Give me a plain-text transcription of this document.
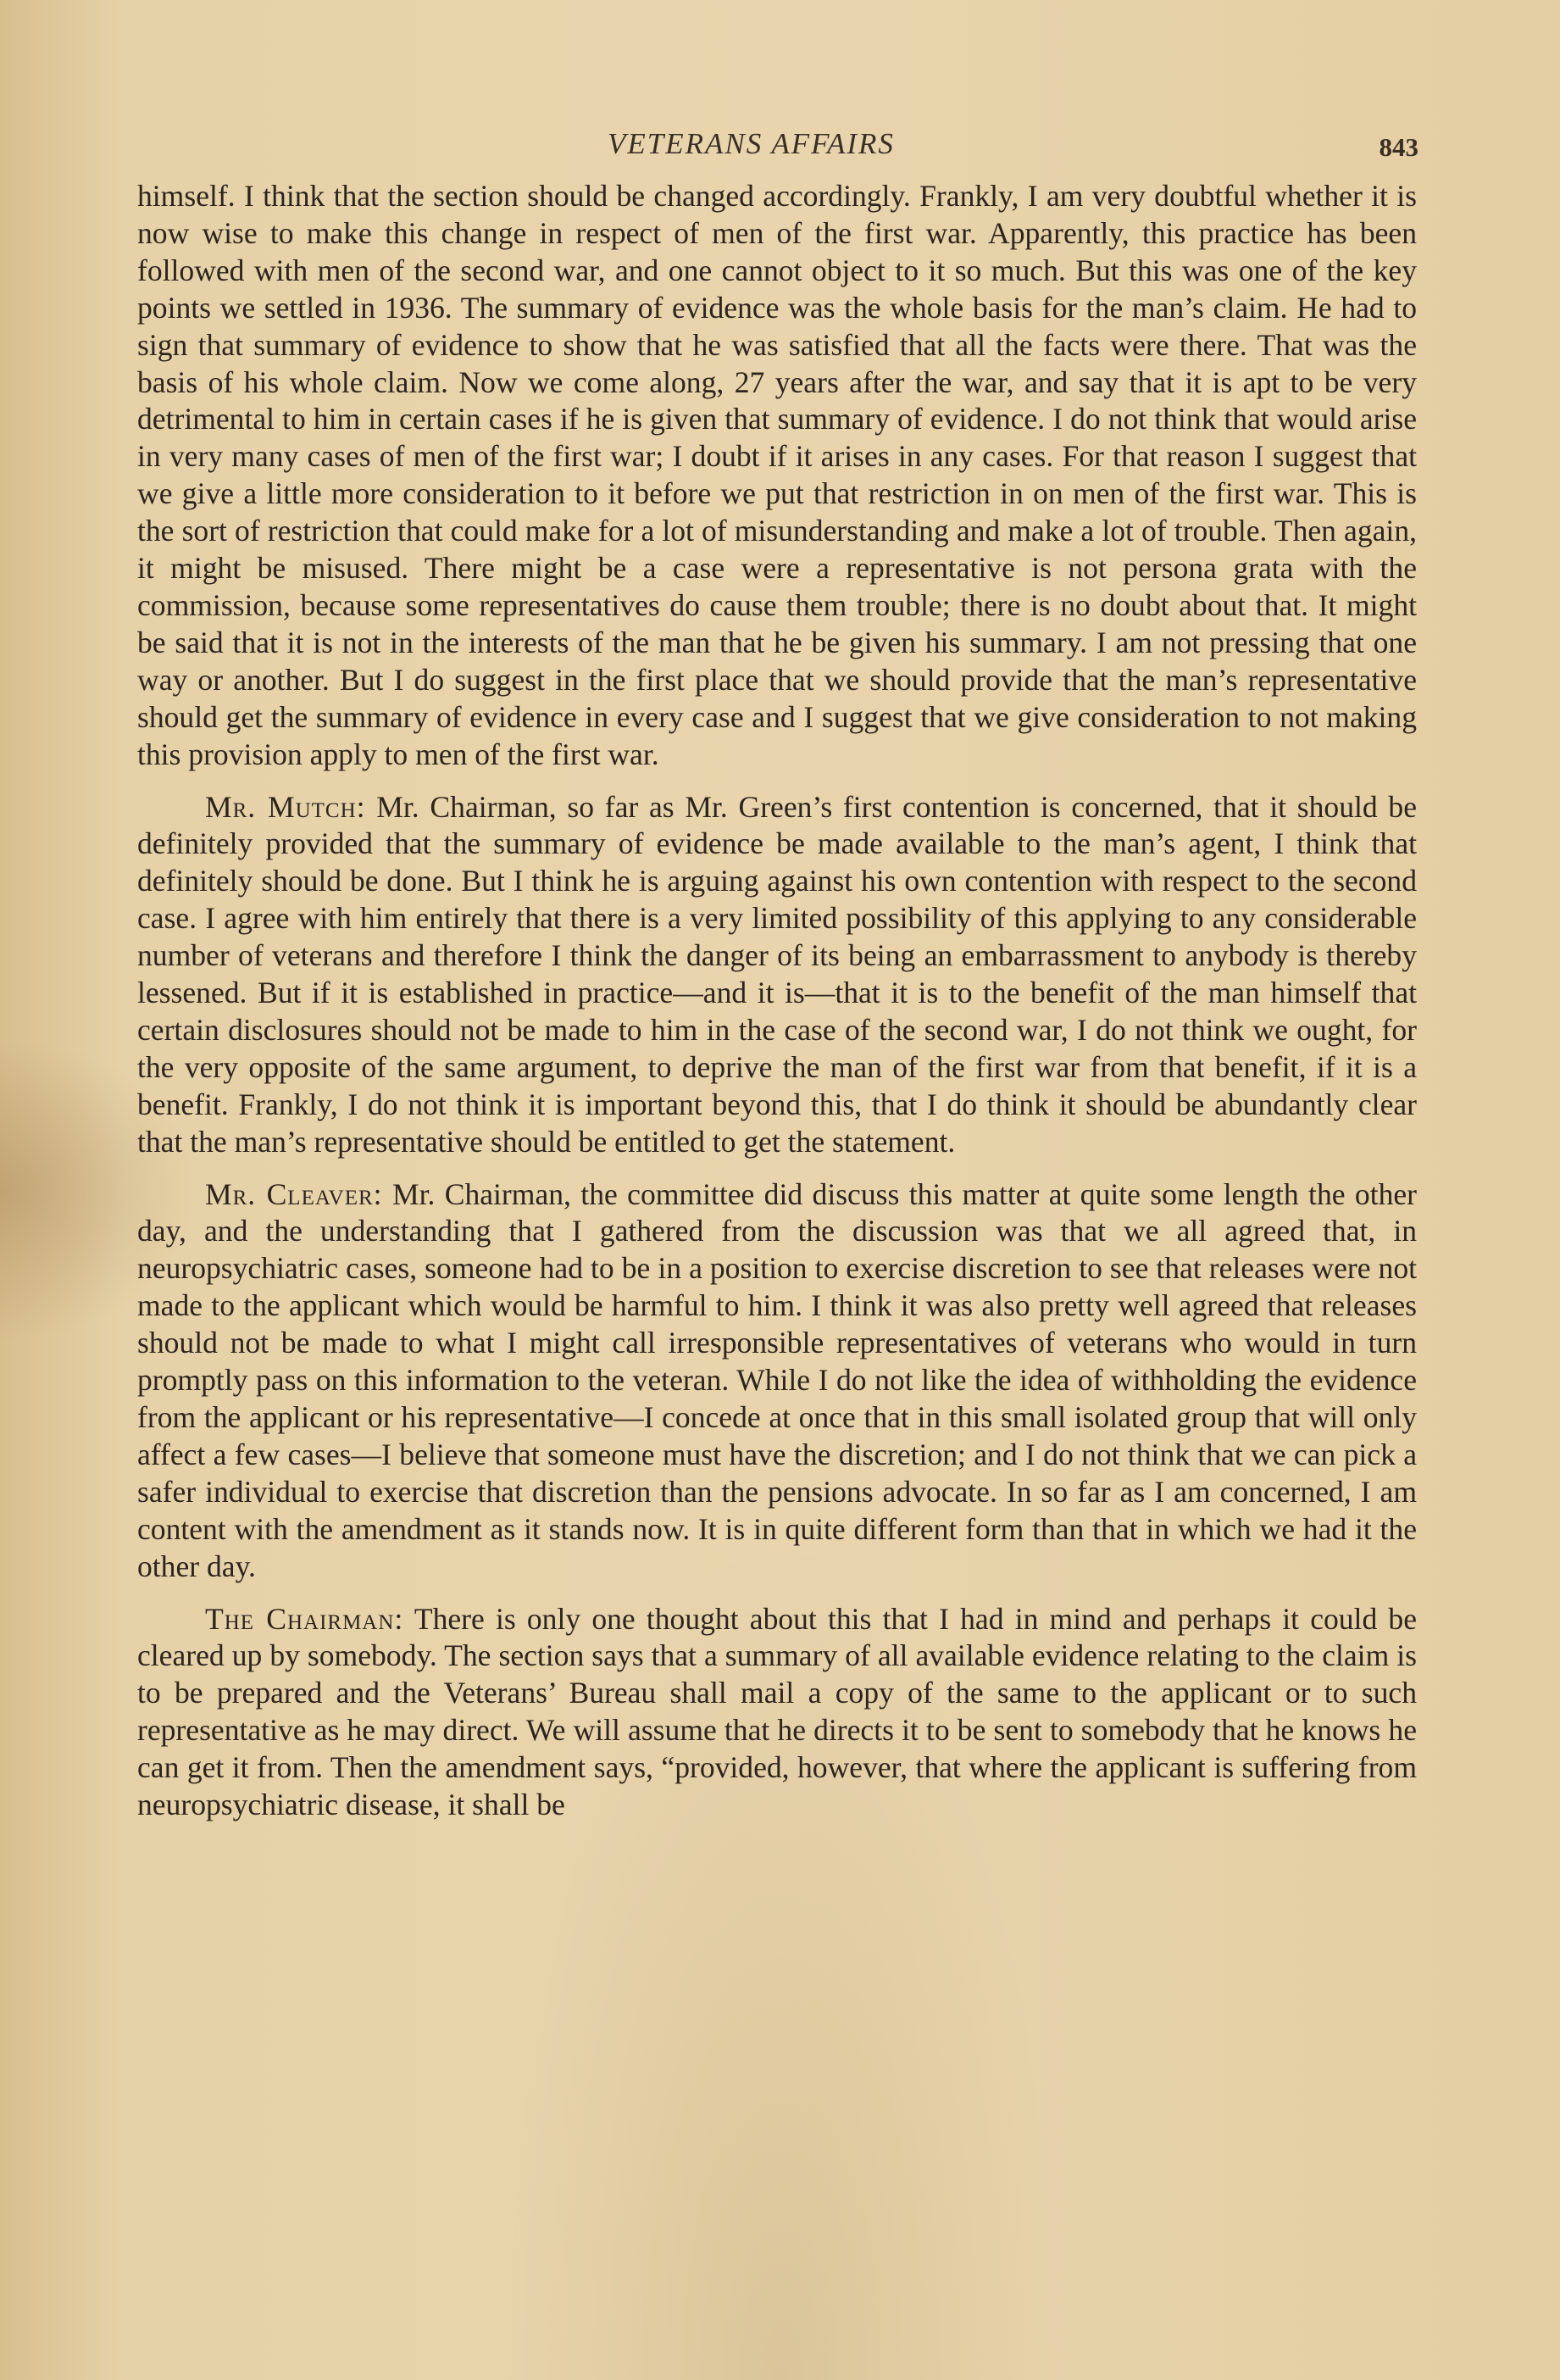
VETERANS AFFAIRS	843

himself. I think that the section should be changed accordingly. Frankly, I am very doubtful whether it is now wise to make this change in respect of men of the first war. Apparently, this practice has been followed with men of the second war, and one cannot object to it so much. But this was one of the key points we settled in 1936. The summary of evidence was the whole basis for the man’s claim. He had to sign that summary of evidence to show that he was satisfied that all the facts were there. That was the basis of his whole claim. Now we come along, 27 years after the war, and say that it is apt to be very detrimental to him in certain cases if he is given that summary of evidence. I do not think that would arise in very many cases of men of the first war; I doubt if it arises in any cases. For that reason I suggest that we give a little more consideration to it before we put that restriction in on men of the first war. This is the sort of restriction that could make for a lot of misunderstanding and make a lot of trouble. Then again, it might be misused. There might be a case were a representative is not persona grata with the commission, because some representatives do cause them trouble; there is no doubt about that. It might be said that it is not in the interests of the man that he be given his summary. I am not pressing that one way or another. But I do suggest in the first place that we should provide that the man’s representative should get the summary of evidence in every case and I suggest that we give consideration to not making this provision apply to men of the first war.

Mr. Mutch: Mr. Chairman, so far as Mr. Green’s first contention is concerned, that it should be definitely provided that the summary of evidence be made available to the man’s agent, I think that definitely should be done. But I think he is arguing against his own contention with respect to the second case. I agree with him entirely that there is a very limited possibility of this applying to any considerable number of veterans and therefore I think the danger of its being an embarrassment to anybody is thereby lessened. But if it is established in practice—and it is—that it is to the benefit of the man himself that certain disclosures should not be made to him in the case of the second war, I do not think we ought, for the very opposite of the same argument, to deprive the man of the first war from that benefit, if it is a benefit. Frankly, I do not think it is important beyond this, that I do think it should be abundantly clear that the man’s representative should be entitled to get the statement.

Mr. Cleaver: Mr. Chairman, the committee did discuss this matter at quite some length the other day, and the understanding that I gathered from the discussion was that we all agreed that, in neuropsychiatric cases, someone had to be in a position to exercise discretion to see that releases were not made to the applicant which would be harmful to him. I think it was also pretty well agreed that releases should not be made to what I might call irresponsible representatives of veterans who would in turn promptly pass on this information to the veteran. While I do not like the idea of withholding the evidence from the applicant or his representative—I concede at once that in this small isolated group that will only affect a few cases—I believe that someone must have the discretion; and I do not think that we can pick a safer individual to exercise that discretion than the pensions advocate. In so far as I am concerned, I am content with the amendment as it stands now. It is in quite different form than that in which we had it the other day.

The Chairman: There is only one thought about this that I had in mind and perhaps it could be cleared up by somebody. The section says that a summary of all available evidence relating to the claim is to be prepared and the Veterans’ Bureau shall mail a copy of the same to the applicant or to such representative as he may direct. We will assume that he directs it to be sent to somebody that he knows he can get it from. Then the amendment says, “provided, however, that where the applicant is suffering from neuropsychiatric disease, it shall be
